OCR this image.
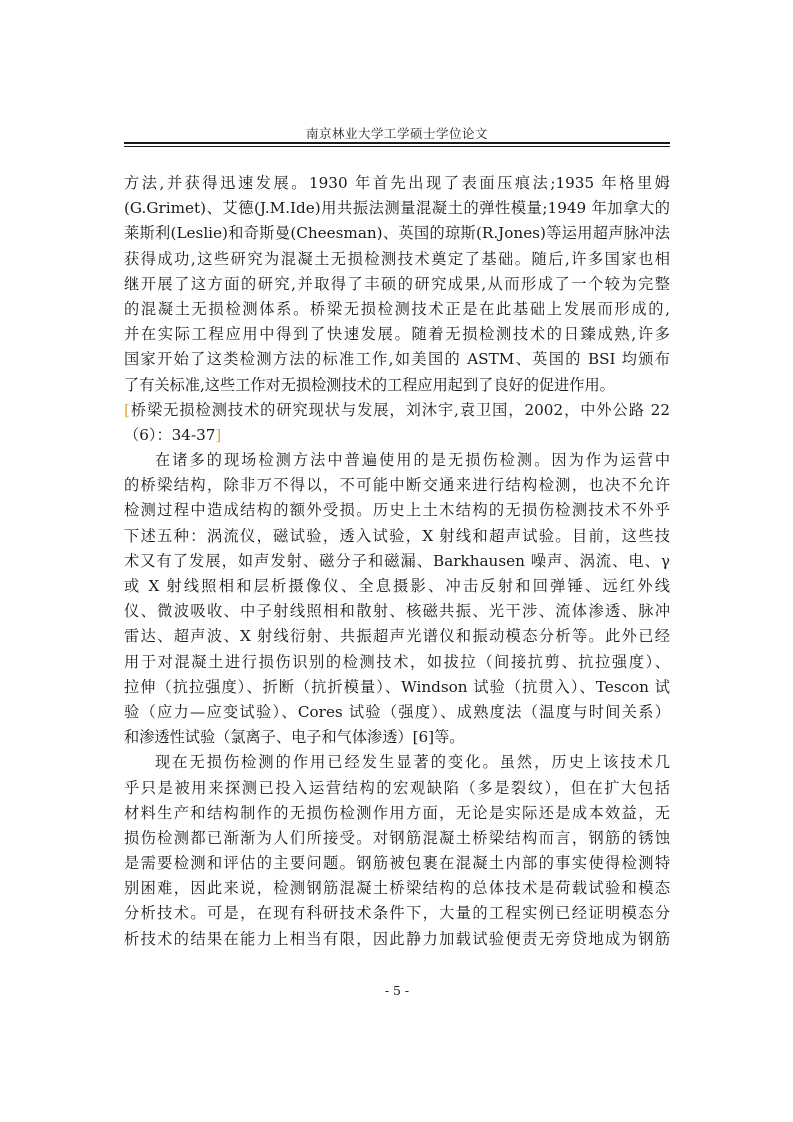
南京林业大学工学硕士学位论文
方法,并获得迅速发展。1930 年首先出现了表面压痕法;1935 年格里姆
(G.Grimet)、艾德(J.M.Ide)用共振法测量混凝土的弹性模量;1949 年加拿大的
莱斯利(Leslie)和奇斯曼(Cheesman)、英国的琼斯(R.Jones)等运用超声脉冲法
获得成功,这些研究为混凝土无损检测技术奠定了基础。随后,许多国家也相
继开展了这方面的研究,并取得了丰硕的研究成果,从而形成了一个较为完整
的混凝土无损检测体系。桥梁无损检测技术正是在此基础上发展而形成的,
并在实际工程应用中得到了快速发展。随着无损检测技术的日臻成熟,许多
国家开始了这类检测方法的标准工作,如美国的 ASTM、英国的 BSI 均颁布
了有关标准,这些工作对无损检测技术的工程应用起到了良好的促进作用。
[桥梁无损检测技术的研究现状与发展，刘沐宇,袁卫国，2002，中外公路 22
（6）：34-37]
在诸多的现场检测方法中普遍使用的是无损伤检测。因为作为运营中
的桥梁结构，除非万不得以，不可能中断交通来进行结构检测，也决不允许
检测过程中造成结构的额外受损。历史上土木结构的无损伤检测技术不外乎
下述五种：涡流仪，磁试验，透入试验，X 射线和超声试验。目前，这些技
术又有了发展，如声发射、磁分子和磁漏、Barkhausen 噪声、涡流、电、γ
或 X 射线照相和层析摄像仪、全息摄影、冲击反射和回弹锤、远红外线
仪、微波吸收、中子射线照相和散射、核磁共振、光干涉、流体渗透、脉冲
雷达、超声波、X 射线衍射、共振超声光谱仪和振动模态分析等。此外已经
用于对混凝土进行损伤识别的检测技术，如拔拉（间接抗剪、抗拉强度）、
拉伸（抗拉强度）、折断（抗折模量）、Windson 试验（抗贯入）、Tescon 试
验（应力—应变试验）、Cores 试验（强度）、成熟度法（温度与时间关系）
和渗透性试验（氯离子、电子和气体渗透）[6]等。
现在无损伤检测的作用已经发生显著的变化。虽然，历史上该技术几
乎只是被用来探测已投入运营结构的宏观缺陷（多是裂纹），但在扩大包括
材料生产和结构制作的无损伤检测作用方面，无论是实际还是成本效益，无
损伤检测都已渐渐为人们所接受。对钢筋混凝土桥梁结构而言，钢筋的锈蚀
是需要检测和评估的主要问题。钢筋被包裹在混凝土内部的事实使得检测特
别困难，因此来说，检测钢筋混凝土桥梁结构的总体技术是荷载试验和模态
分析技术。可是，在现有科研技术条件下，大量的工程实例已经证明模态分
析技术的结果在能力上相当有限，因此静力加载试验便责无旁贷地成为钢筋
- 5 -
